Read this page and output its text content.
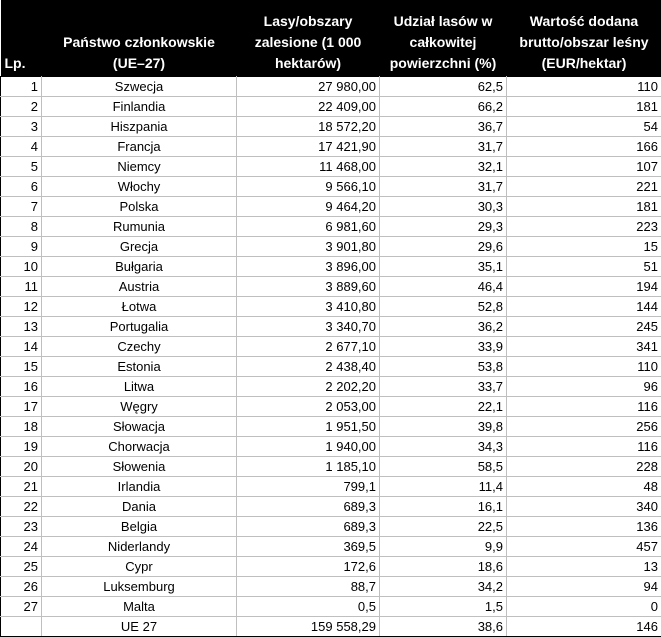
Lp.	Państwo członkowskie (UE–27)	Lasy/obszary zalesione (1 000 hektarów)	Udział lasów w całkowitej powierzchni (%)	Wartość dodana brutto/obszar leśny (EUR/hektar)
1	Szwecja	27 980,00	62,5	110
2	Finlandia	22 409,00	66,2	181
3	Hiszpania	18 572,20	36,7	54
4	Francja	17 421,90	31,7	166
5	Niemcy	11 468,00	32,1	107
6	Włochy	9 566,10	31,7	221
7	Polska	9 464,20	30,3	181
8	Rumunia	6 981,60	29,3	223
9	Grecja	3 901,80	29,6	15
10	Bułgaria	3 896,00	35,1	51
11	Austria	3 889,60	46,4	194
12	Łotwa	3 410,80	52,8	144
13	Portugalia	3 340,70	36,2	245
14	Czechy	2 677,10	33,9	341
15	Estonia	2 438,40	53,8	110
16	Litwa	2 202,20	33,7	96
17	Węgry	2 053,00	22,1	116
18	Słowacja	1 951,50	39,8	256
19	Chorwacja	1 940,00	34,3	116
20	Słowenia	1 185,10	58,5	228
21	Irlandia	799,1	11,4	48
22	Dania	689,3	16,1	340
23	Belgia	689,3	22,5	136
24	Niderlandy	369,5	9,9	457
25	Cypr	172,6	18,6	13
26	Luksemburg	88,7	34,2	94
27	Malta	0,5	1,5	0
	UE 27	159 558,29	38,6	146
